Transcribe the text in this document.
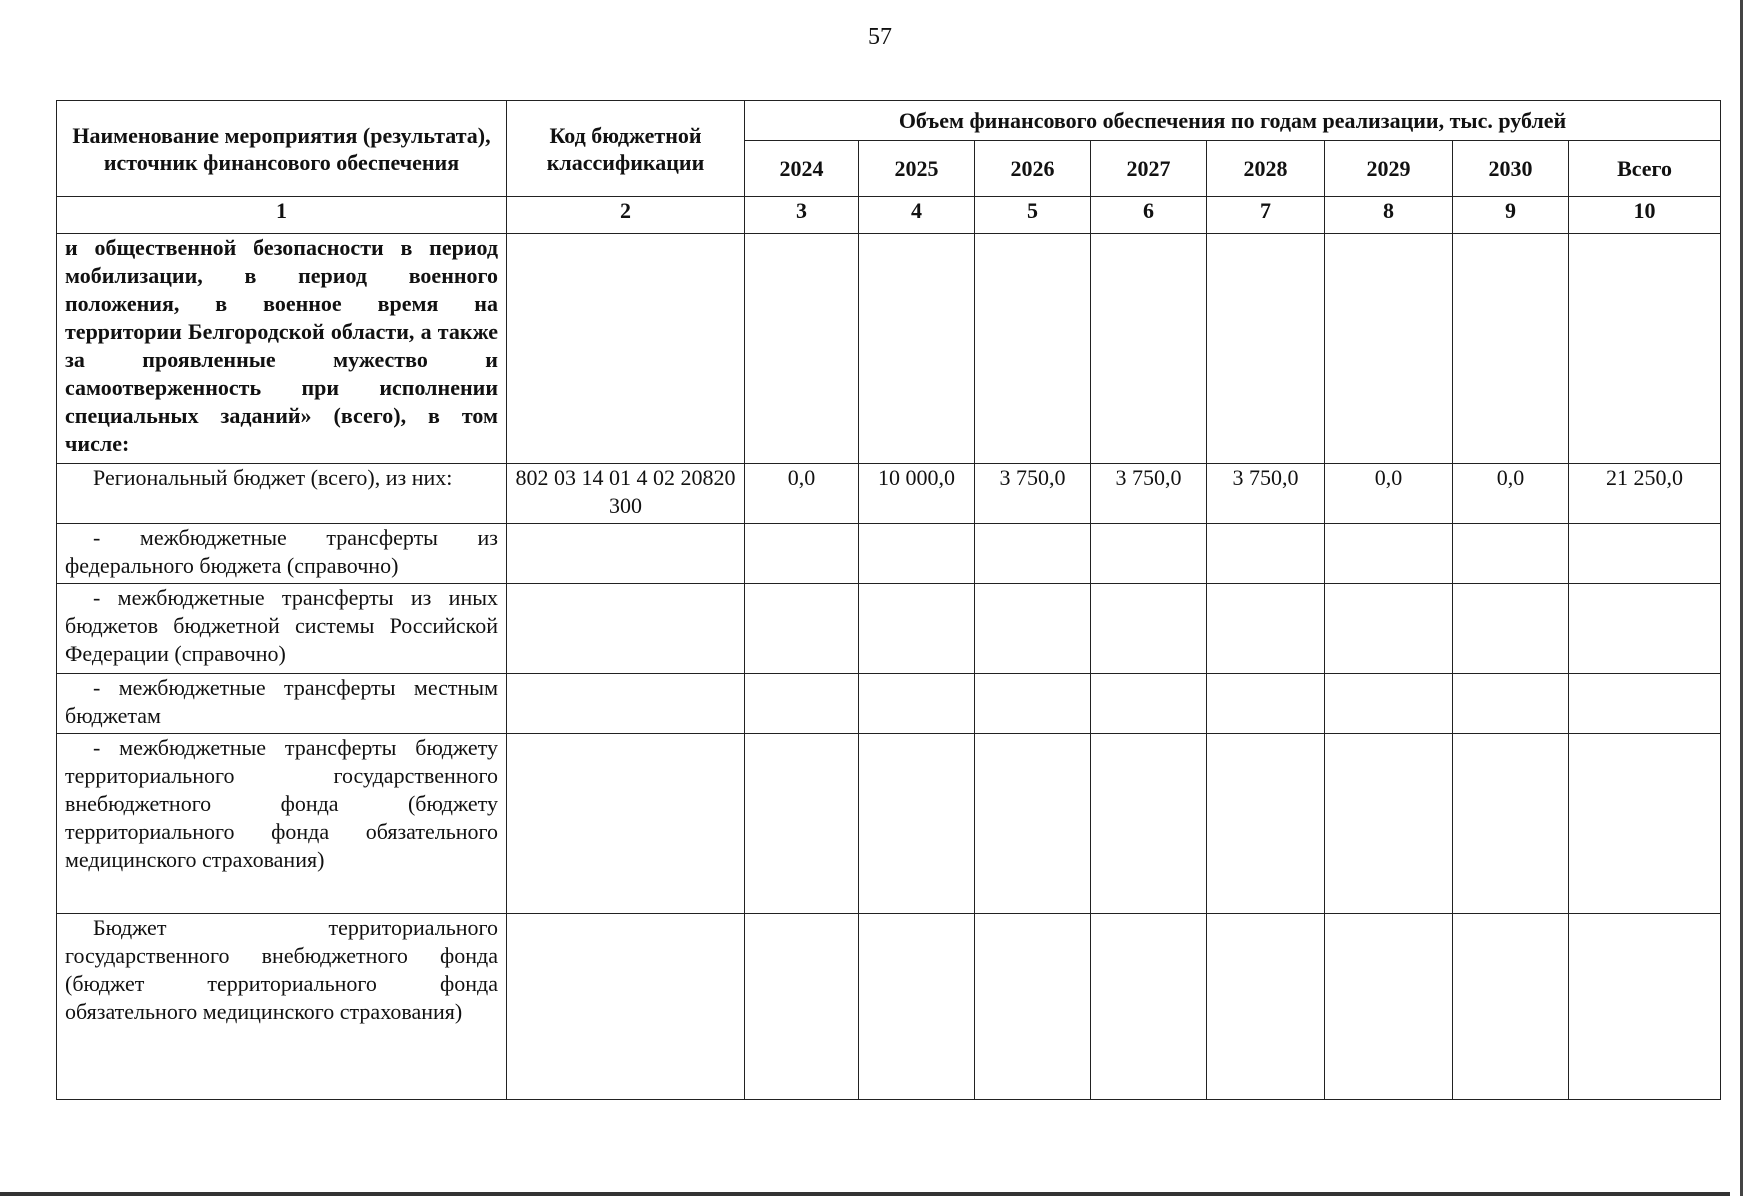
57
Наименование мероприятия (результата), источник финансового обеспечения	Код бюджетной классификации	Объем финансового обеспечения по годам реализации, тыс. рублей							
		2024	2025	2026	2027	2028	2029	2030	Всего
1	2	3	4	5	6	7	8	9	10
и общественной безопасности в период мобилизации, в период военного положения, в военное время на территории Белгородской области, а также за проявленные мужество и самоотверженность при исполнении специальных заданий» (всего), в том числе:									
Региональный бюджет (всего), из них:	802 03 14 01 4 02 20820 300	0,0	10 000,0	3 750,0	3 750,0	3 750,0	0,0	0,0	21 250,0
- межбюджетные трансферты из федерального бюджета (справочно)									
- межбюджетные трансферты из иных бюджетов бюджетной системы Российской Федерации (справочно)									
- межбюджетные трансферты местным бюджетам									
- межбюджетные трансферты бюджету территориального государственного внебюджетного фонда (бюджету территориального фонда обязательного медицинского страхования)									
Бюджет территориального государственного внебюджетного фонда (бюджет территориального фонда обязательного медицинского страхования)									
